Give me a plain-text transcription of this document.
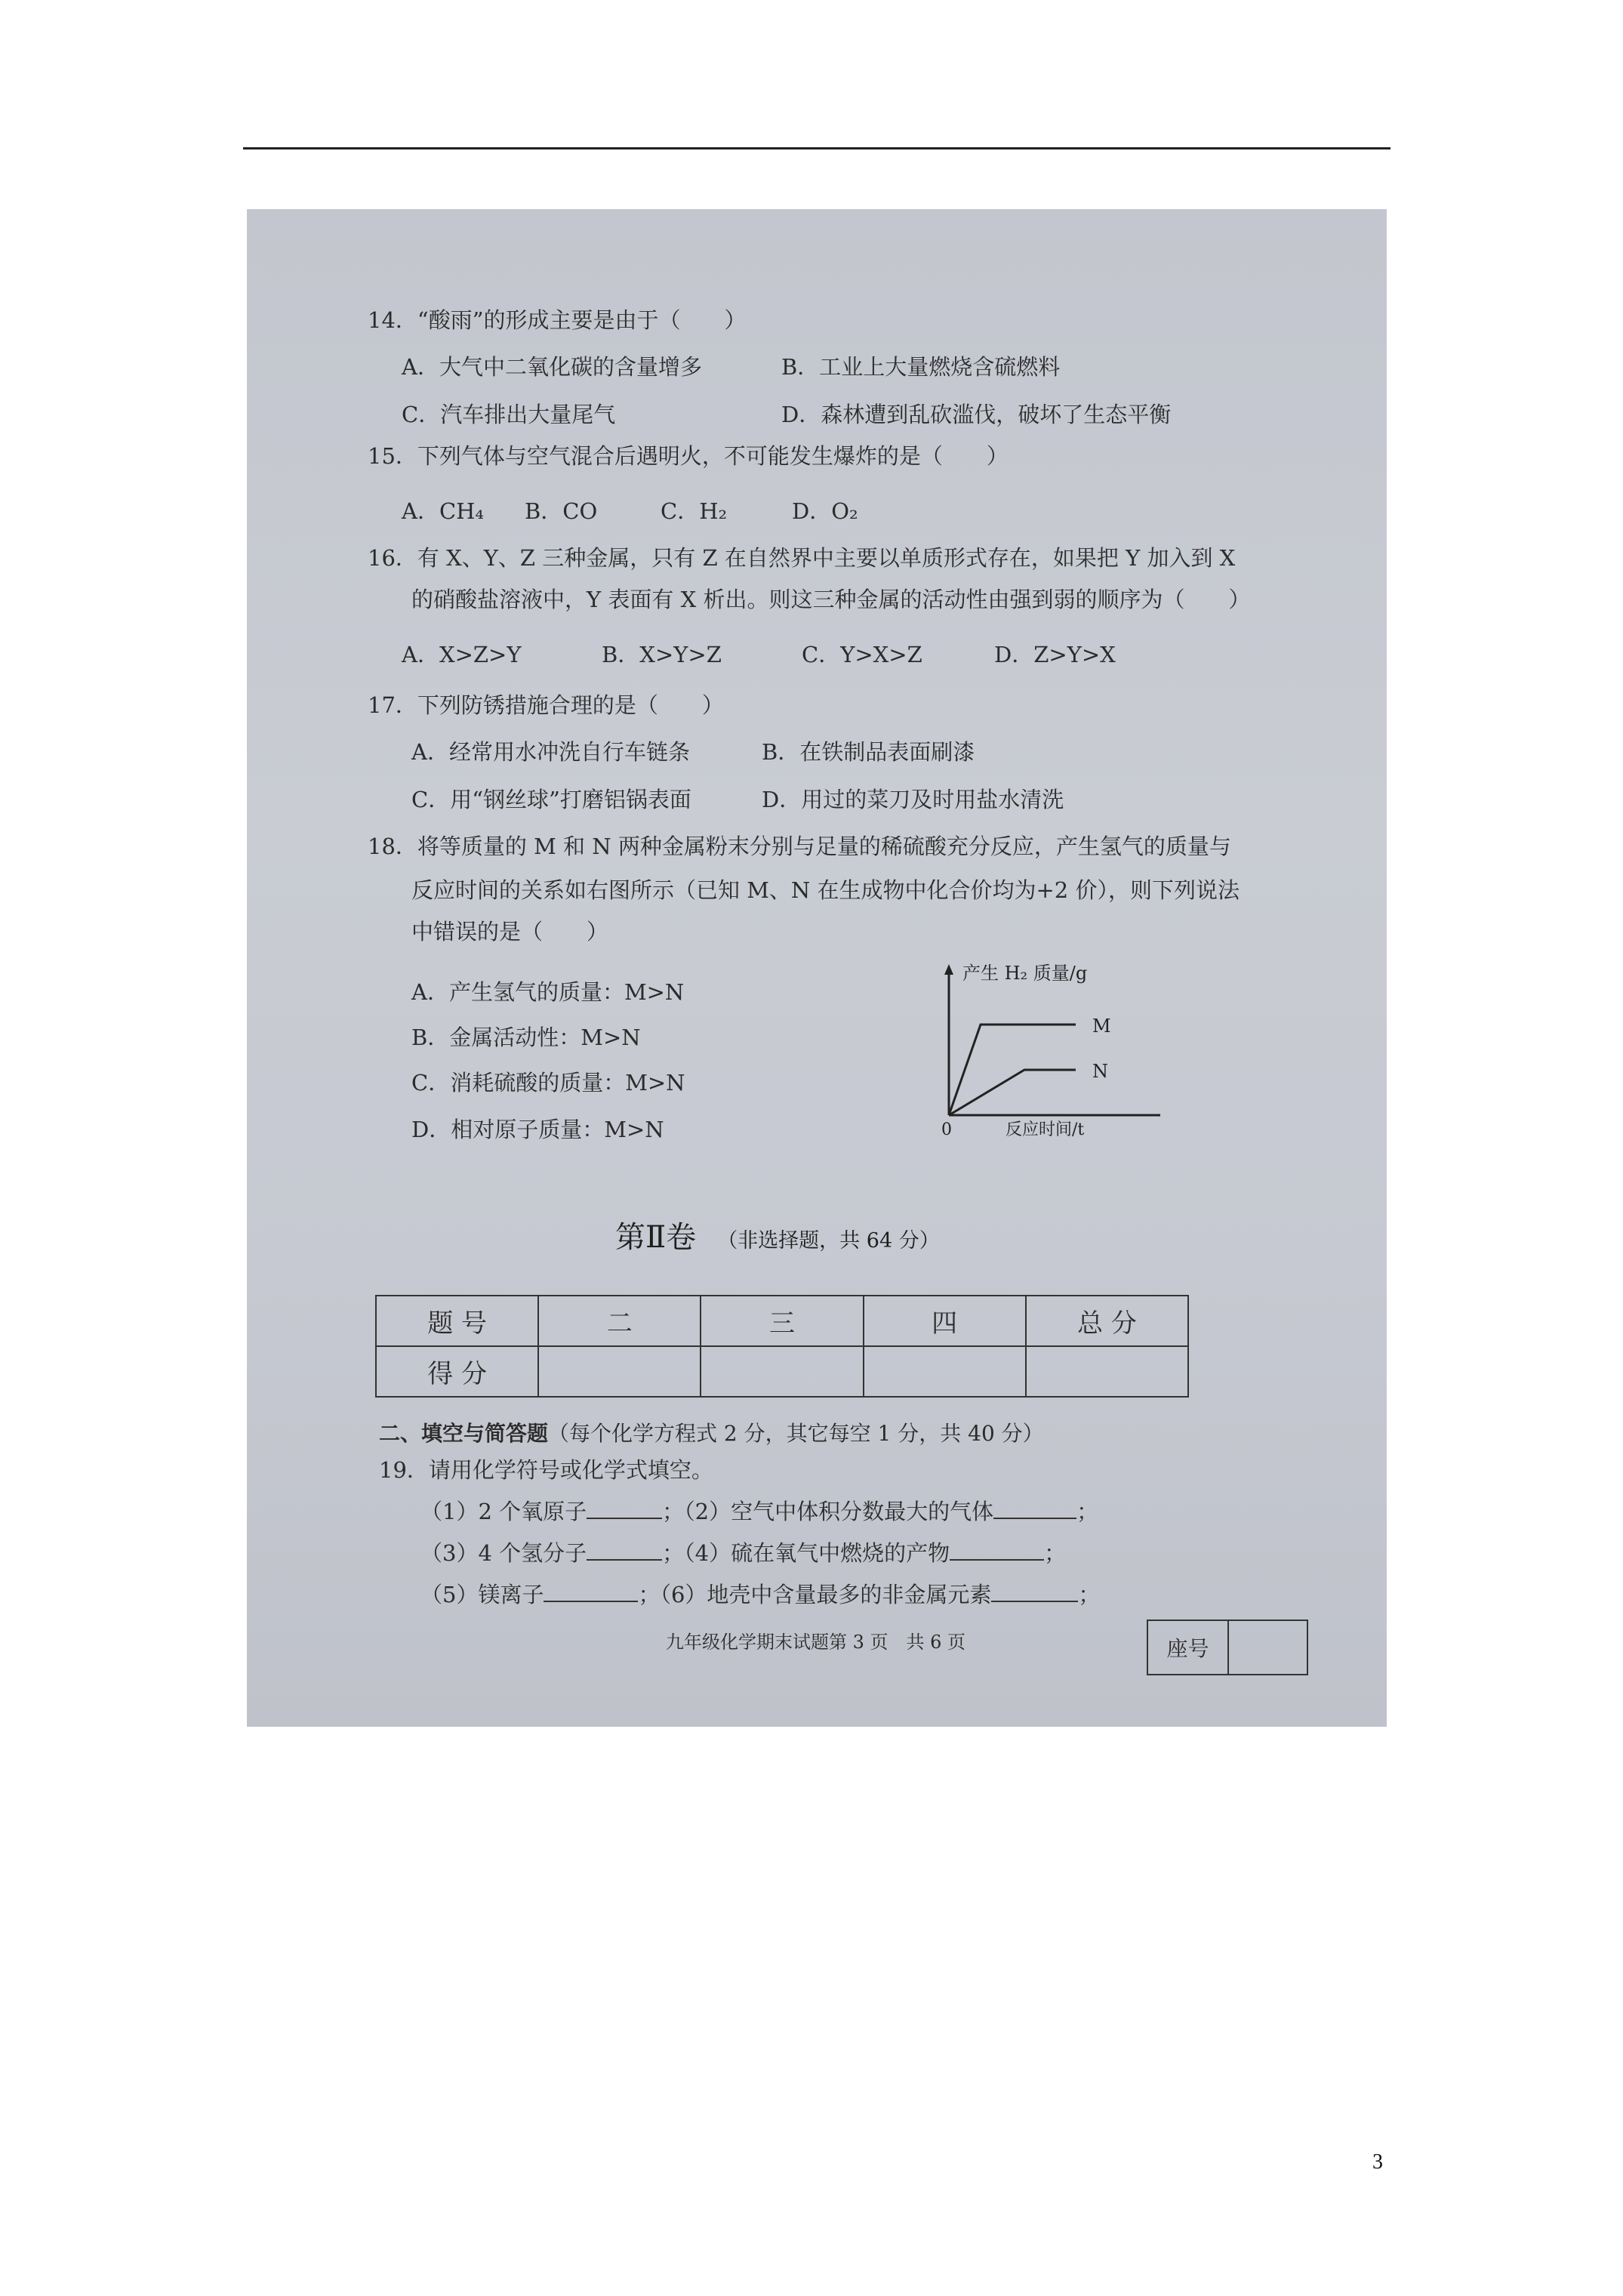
14．“酸雨”的形成主要是由于（　　）
A．大气中二氧化碳的含量增多	B．工业上大量燃烧含硫燃料
C．汽车排出大量尾气	D．森林遭到乱砍滥伐，破坏了生态平衡
15．下列气体与空气混合后遇明火，不可能发生爆炸的是（　　）
A．CH₄ B．CO	C．H₂	D．O₂
16．有 X、Y、Z 三种金属，只有 Z 在自然界中主要以单质形式存在，如果把 Y 加入到 X
的硝酸盐溶液中，Y 表面有 X 析出。则这三种金属的活动性由强到弱的顺序为（　　）
A．X>Z>Y	B．X>Y>Z	C．Y>X>Z	D．Z>Y>X
17．下列防锈措施合理的是（　　）
A．经常用水冲洗自行车链条	B．在铁制品表面刷漆
C．用“钢丝球”打磨铝锅表面	D．用过的菜刀及时用盐水清洗
18．将等质量的 M 和 N 两种金属粉末分别与足量的稀硫酸充分反应，产生氢气的质量与
反应时间的关系如右图所示（已知 M、N 在生成物中化合价均为+2 价），则下列说法
中错误的是（　　）
A．产生氢气的质量：M>N
B．金属活动性：M>N
C．消耗硫酸的质量：M>N
D．相对原子质量：M>N
产生 H₂ 质量/g
M
N
0	反应时间/t
第Ⅱ卷 （非选择题，共 64 分）
题 号	二	三	四	总 分
得 分				
二、填空与简答题（每个化学方程式 2 分，其它每空 1 分，共 40 分）
19．请用化学符号或化学式填空。
（1）2 个氧原子	；（2）空气中体积分数最大的气体	；
（3）4 个氢分子	；（4）硫在氧气中燃烧的产物	；
（5）镁离子	；（6）地壳中含量最多的非金属元素	；
九年级化学期末试题第 3 页　共 6 页	座号
3
